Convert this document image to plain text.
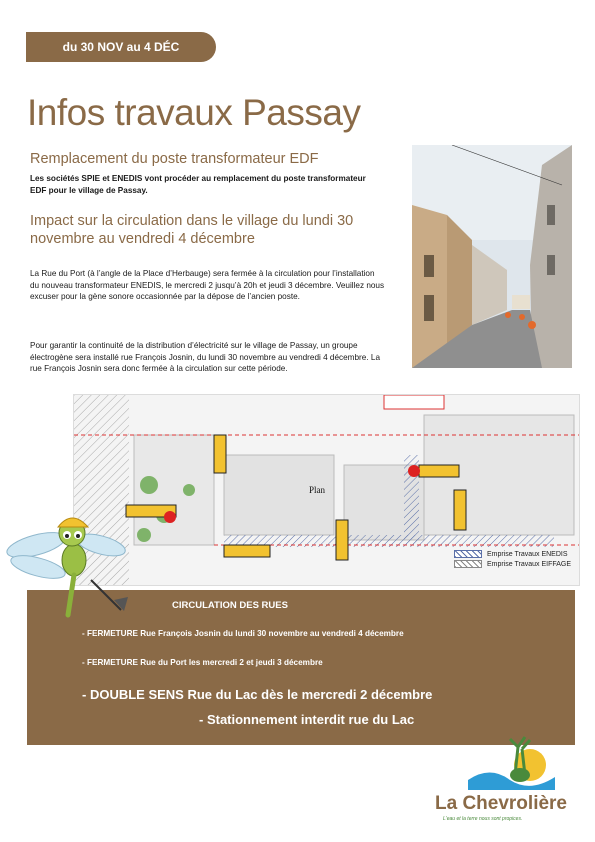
du 30 NOV au 4 DÉC
Infos travaux Passay
Remplacement du poste transformateur EDF
Les sociétés SPIE et ENEDIS vont procéder au remplacement du poste transformateur EDF pour le village de Passay.
Impact sur la circulation dans le village du lundi 30 novembre au vendredi 4 décembre
La Rue du Port (à l’angle de la Place d’Herbauge) sera fermée à la circulation pour l’installation du nouveau transformateur ENEDIS, le mercredi 2 jusqu’à 20h et jeudi 3 décembre. Veuillez nous excuser pour la gène sonore occasionnée par la dépose de l’ancien poste.
Pour garantir la continuité de la distribution d’électricité sur le village de Passay, un groupe électrogène sera installé rue François Josnin, du lundi 30 novembre au vendredi 4 décembre. La rue François Josnin sera donc fermée à la circulation sur cette période.
Plan
Emprise Travaux ENEDIS
Emprise Travaux EIFFAGE
CIRCULATION DES RUES
- FERMETURE Rue François Josnin du lundi 30 novembre au vendredi 4 décembre
- FERMETURE Rue du Port les mercredi 2 et jeudi 3 décembre
- DOUBLE SENS Rue du Lac dès le mercredi 2 décembre
- Stationnement interdit rue du Lac
La Chevrolière
L'eau et la terre nous sont propices.
